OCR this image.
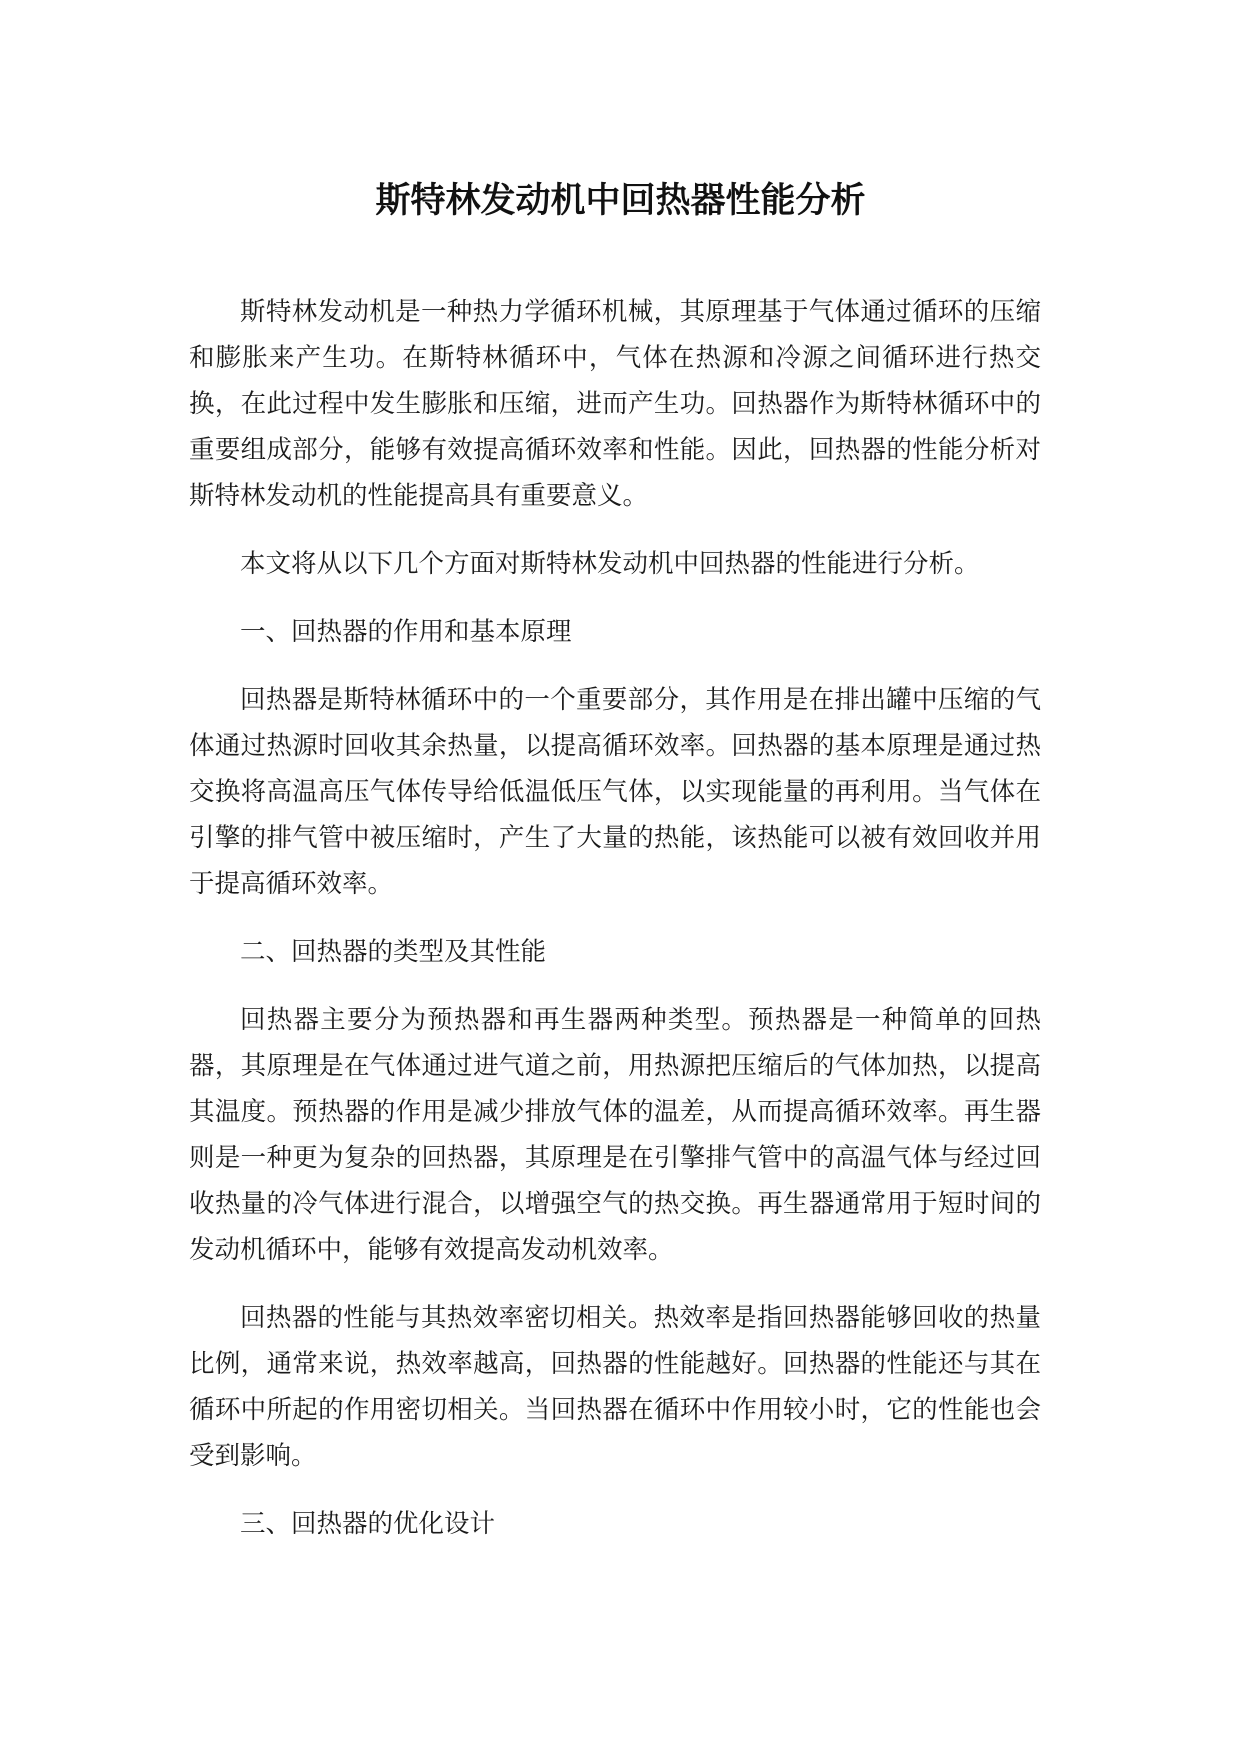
斯特林发动机中回热器性能分析

斯特林发动机是一种热力学循环机械，其原理基于气体通过循环的压缩和膨胀来产生功。在斯特林循环中，气体在热源和冷源之间循环进行热交换，在此过程中发生膨胀和压缩，进而产生功。回热器作为斯特林循环中的重要组成部分，能够有效提高循环效率和性能。因此，回热器的性能分析对斯特林发动机的性能提高具有重要意义。

本文将从以下几个方面对斯特林发动机中回热器的性能进行分析。

一、回热器的作用和基本原理

回热器是斯特林循环中的一个重要部分，其作用是在排出罐中压缩的气体通过热源时回收其余热量，以提高循环效率。回热器的基本原理是通过热交换将高温高压气体传导给低温低压气体，以实现能量的再利用。当气体在引擎的排气管中被压缩时，产生了大量的热能，该热能可以被有效回收并用于提高循环效率。

二、回热器的类型及其性能

回热器主要分为预热器和再生器两种类型。预热器是一种简单的回热器，其原理是在气体通过进气道之前，用热源把压缩后的气体加热，以提高其温度。预热器的作用是减少排放气体的温差，从而提高循环效率。再生器则是一种更为复杂的回热器，其原理是在引擎排气管中的高温气体与经过回收热量的冷气体进行混合，以增强空气的热交换。再生器通常用于短时间的发动机循环中，能够有效提高发动机效率。

回热器的性能与其热效率密切相关。热效率是指回热器能够回收的热量比例，通常来说，热效率越高，回热器的性能越好。回热器的性能还与其在循环中所起的作用密切相关。当回热器在循环中作用较小时，它的性能也会受到影响。

三、回热器的优化设计
